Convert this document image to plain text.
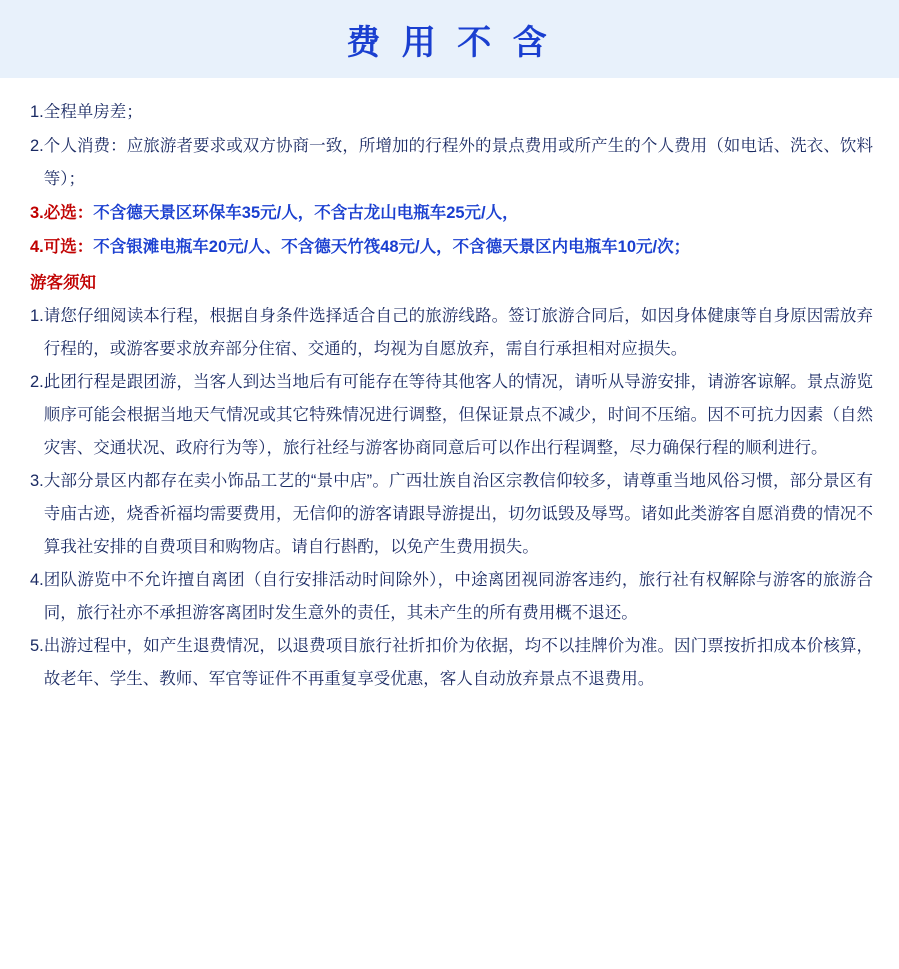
费 用 不 含
1. 全程单房差；
2. 个人消费：应旅游者要求或双方协商一致，所增加的行程外的景点费用或所产生的个人费用（如电话、洗衣、饮料等）；
3.必选： 不含德天景区环保车35元/人，不含古龙山电瓶车25元/人，
4.可选： 不含银滩电瓶车20元/人、不含德天竹筏48元/人，不含德天景区内电瓶车10元/次；
游客须知
1. 请您仔细阅读本行程，根据自身条件选择适合自己的旅游线路。签订旅游合同后，如因身体健康等自身原因需放弃行程的，或游客要求放弃部分住宿、交通的，均视为自愿放弃，需自行承担相对应损失。
2. 此团行程是跟团游，当客人到达当地后有可能存在等待其他客人的情况，请听从导游安排，请游客谅解。景点游览顺序可能会根据当地天气情况或其它特殊情况进行调整，但保证景点不减少，时间不压缩。因不可抗力因素（自然灾害、交通状况、政府行为等），旅行社经与游客协商同意后可以作出行程调整，尽力确保行程的顺利进行。
3. 大部分景区内都存在卖小饰品工艺的“景中店”。广西壮族自治区宗教信仰较多，请尊重当地风俗习惯，部分景区有寺庙古迹，烧香祈福均需要费用，无信仰的游客请跟导游提出，切勿诋毁及辱骂。诸如此类游客自愿消费的情况不算我社安排的自费项目和购物店。请自行斟酌，以免产生费用损失。
4. 团队游览中不允许擅自离团（自行安排活动时间除外），中途离团视同游客违约，旅行社有权解除与游客的旅游合同，旅行社亦不承担游客离团时发生意外的责任，其未产生的所有费用概不退还。
5. 出游过程中，如产生退费情况，以退费项目旅行社折扣价为依据，均不以挂牌价为准。因门票按折扣成本价核算，故老年、学生、教师、军官等证件不再重复享受优惠，客人自动放弃景点不退费用。
